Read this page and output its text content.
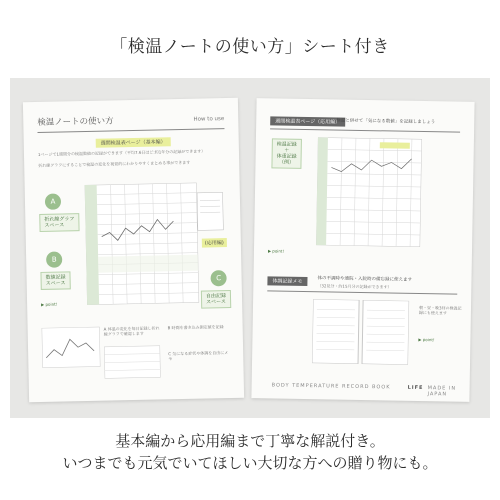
「検温ノートの使い方」シート付き
検温ノートの使い方	How to use
週間検温表ページ（基本編）
1ページで1週間分の検温数値の記録ができます（平均7.6日ほど:約1年分の記録ができます）
折れ線グラフにすることで検温の変化を視覚的にわかりやすくまとめる事ができます
(応用編)
A
折れ線グラフ
スペース
B
数値記録
スペース
C
自由記録
スペース
▶ point!
A 体温の変化を毎日記録し折れ線グラフで確認します
B 時間を書き込み測定値を記録
C 気になる症状や体調を自由にメモ
週間検温表ページ（応用編）
検温と併せて「気になる数値」を記録しましょう
検温記録
＋
体重記録
（例）
▶ point!
体調記録メモ	体の不調時や通院・入院時の備忘録に使えます
（32見分・約15月分の記録ができます）
朝・昼・晩3回の検温記録にも使えます
▶ point!
BODY TEMPERATURE RECORD BOOK	LIFE MADE IN JAPAN
基本編から応用編まで丁寧な解説付き。
いつまでも元気でいてほしい大切な方への贈り物にも。
